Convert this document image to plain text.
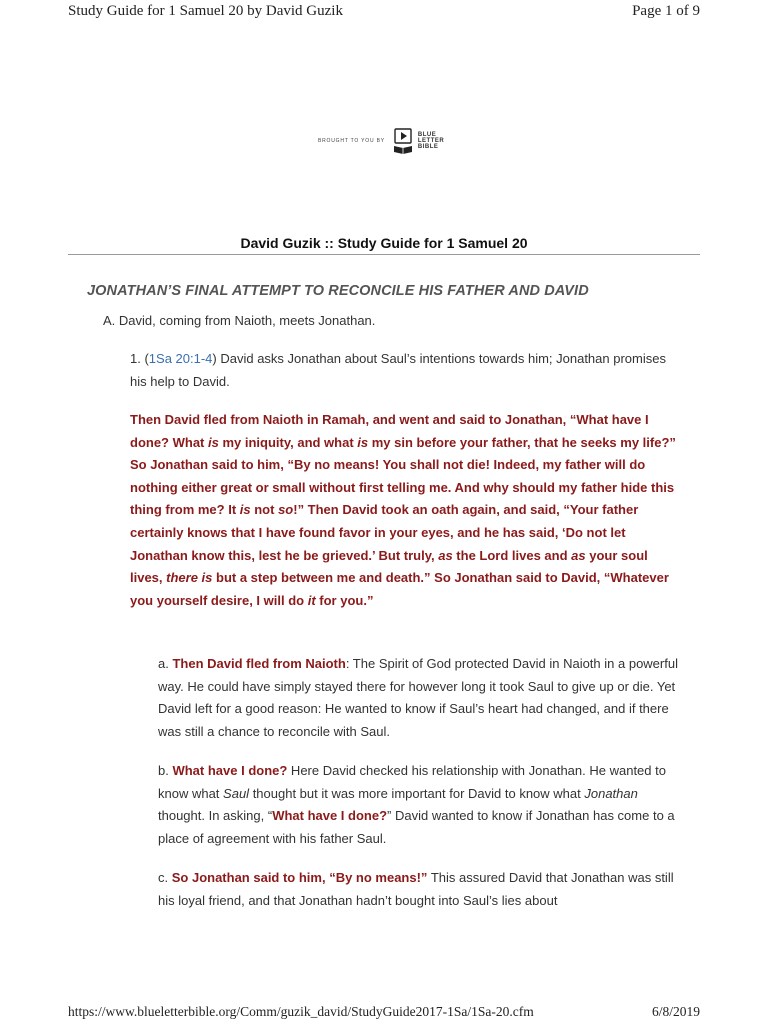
Study Guide for 1 Samuel 20 by David Guzik	Page 1 of 9
BROUGHT TO YOU BY
BLUE
LETTER
BIBLE
David Guzik :: Study Guide for 1 Samuel 20
JONATHAN’S FINAL ATTEMPT TO RECONCILE HIS FATHER AND DAVID
A. David, coming from Naioth, meets Jonathan.
1. (1Sa 20:1-4) David asks Jonathan about Saul’s intentions towards him; Jonathan promises his help to David.
Then David fled from Naioth in Ramah, and went and said to Jonathan, “What have I done? What is my iniquity, and what is my sin before your father, that he seeks my life?” So Jonathan said to him, “By no means! You shall not die! Indeed, my father will do nothing either great or small without first telling me. And why should my father hide this thing from me? It is not so!” Then David took an oath again, and said, “Your father certainly knows that I have found favor in your eyes, and he has said, ‘Do not let Jonathan know this, lest he be grieved.’ But truly, as the Lord lives and as your soul lives, there is but a step between me and death.” So Jonathan said to David, “Whatever you yourself desire, I will do it for you.”
a. Then David fled from Naioth: The Spirit of God protected David in Naioth in a powerful way. He could have simply stayed there for however long it took Saul to give up or die. Yet David left for a good reason: He wanted to know if Saul’s heart had changed, and if there was still a chance to reconcile with Saul.
b. What have I done? Here David checked his relationship with Jonathan. He wanted to know what Saul thought but it was more important for David to know what Jonathan thought. In asking, “What have I done?” David wanted to know if Jonathan has come to a place of agreement with his father Saul.
c. So Jonathan said to him, “By no means!” This assured David that Jonathan was still his loyal friend, and that Jonathan hadn’t bought into Saul’s lies about
https://www.blueletterbible.org/Comm/guzik_david/StudyGuide2017-1Sa/1Sa-20.cfm	6/8/2019
